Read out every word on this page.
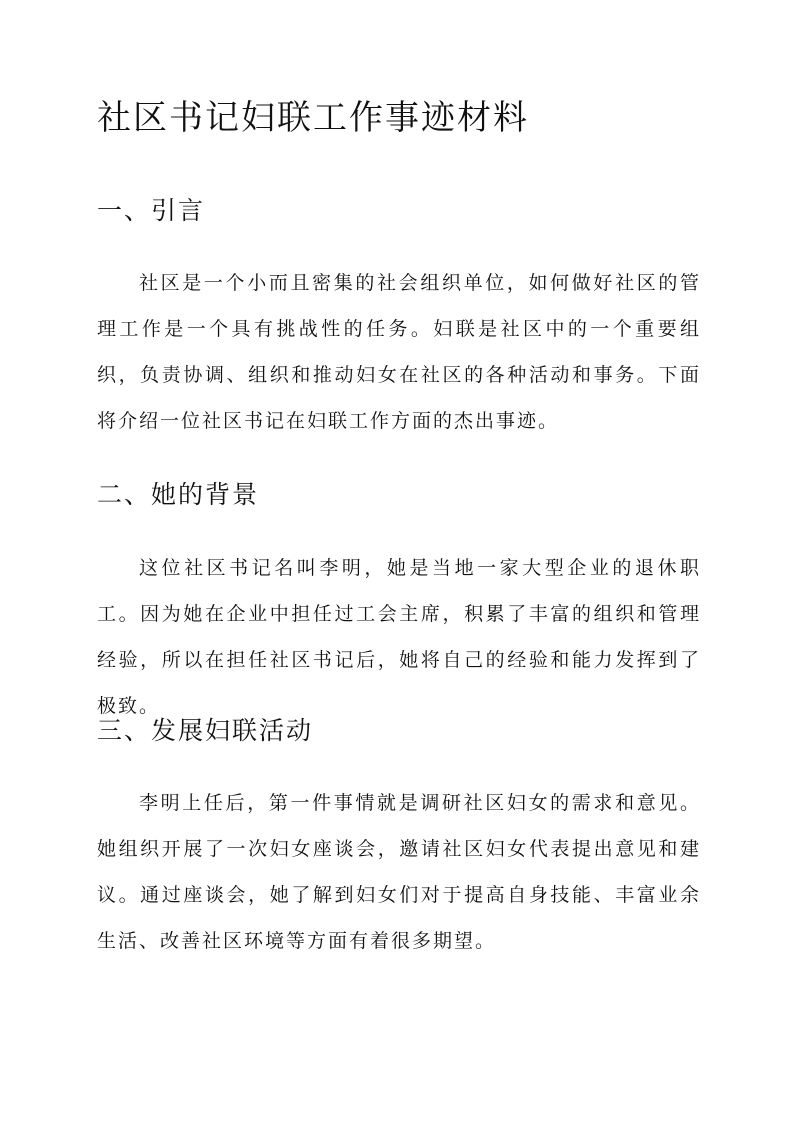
社区书记妇联工作事迹材料
一、引言

社区是一个小而且密集的社会组织单位，如何做好社区的管理工作是一个具有挑战性的任务。妇联是社区中的一个重要组织，负责协调、组织和推动妇女在社区的各种活动和事务。下面将介绍一位社区书记在妇联工作方面的杰出事迹。

二、她的背景

这位社区书记名叫李明，她是当地一家大型企业的退休职工。因为她在企业中担任过工会主席，积累了丰富的组织和管理经验，所以在担任社区书记后，她将自己的经验和能力发挥到了极致。

三、发展妇联活动

李明上任后，第一件事情就是调研社区妇女的需求和意见。她组织开展了一次妇女座谈会，邀请社区妇女代表提出意见和建议。通过座谈会，她了解到妇女们对于提高自身技能、丰富业余生活、改善社区环境等方面有着很多期望。
